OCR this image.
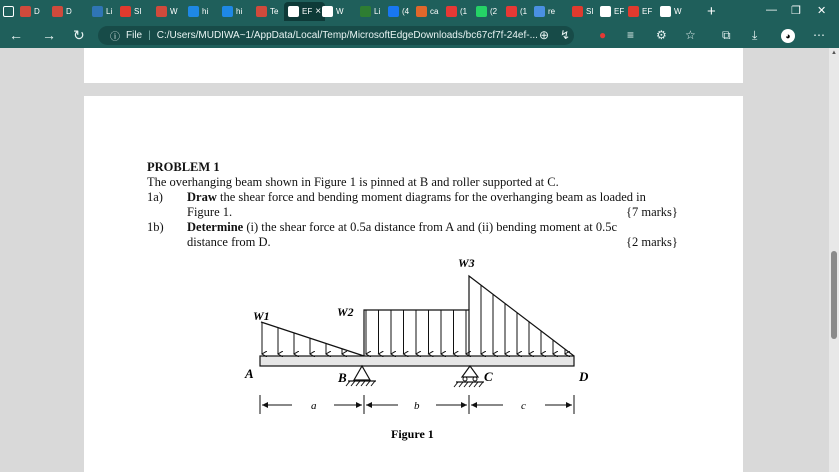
D	D	Li	SI	W	hi	hi	Te	EF × W	Li	(4	ca	(1	(2	(1	re	SI	EF EF	W +	— ❐ ✕
← → ↻	ⓘ File | C:/Users/MUDIWA~1/AppData/Local/Temp/MicrosoftEdgeDownloads/bc67cf7f-24ef-... ⊕ ↯ ● ≡ ⚙ ☆ ⧉ ⤓	◕	⋯
PROBLEM 1
The overhanging beam shown in Figure 1 is pinned at B and roller supported at C.
1a) Draw the shear force and bending moment diagrams for the overhanging beam as loaded in
Figure 1.	{7 marks}
1b) Determine (i) the shear force at 0.5a distance from A and (ii) bending moment at 0.5c
distance from D.	{2 marks}
W1	W2
W3
A	B	C	D
a	b	c
Figure 1
▲
